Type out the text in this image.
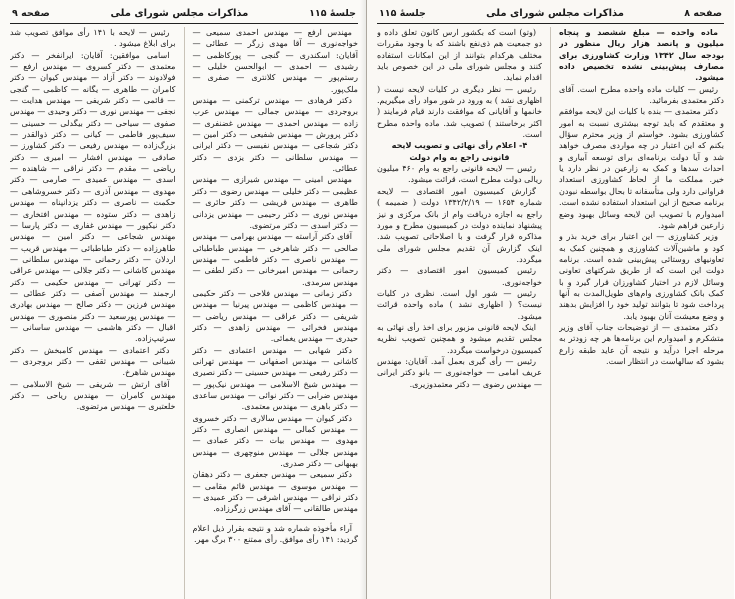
جلسهٔ ۱۱۵
مذاکرات مجلس شورای ملی
صفحه ۹

مهندس ارفع — مهندس احمدی سمیعی — خواجه‌نوری — آقا مهدی زرگر — عطائی — آقایان: اسکندری — گنجی — پورکاظمی — رشیدی — احمدی — ابوالحسن خلیلی — رستم‌پور — مهندس کلانتری — صفری — ملک‌پور.

دکتر فرهادی — مهندس ترکمنی — مهندس بروجردی — مهندس جمالی — مهندس عرب زاده — مهندس احمدی — مهندس غضنفری — دکتر پرورش — مهندس شفیعی — دکتر امین — دکتر شجاعی — مهندس نفیسی — دکتر ایرانی — مهندس سلطانی — دکتر یزدی — دکتر عطائی.

مهندس امینی — مهندس شیرازی — مهندس عظیمی — دکتر خلیلی — مهندس رضوی — دکتر طاهری — مهندس قریشی — دکتر حائری — مهندس نوری — دکتر رحیمی — مهندس یزدانی — دکتر اسدی — دکتر مرتضوی.

آقای دکتر آراسته — مهندس بهرامی — مهندس صالحی — دکتر شاهرخی — مهندس طباطبائی — مهندس ناصری — دکتر فاطمی — مهندس رحمانی — مهندس امیرخانی — دکتر لطفی — مهندس سرمدی.

دکتر زمانی — مهندس فلاحی — دکتر حکیمی — مهندس کاظمی — مهندس پیرنیا — مهندس شریفی — دکتر عراقی — مهندس ریاضی — مهندس فخرائی — مهندس زاهدی — دکتر حیدری — مهندس یغمائی.

دکتر شهابی — مهندس اعتمادی — دکتر کاشانی — مهندس اصفهانی — مهندس تهرانی — دکتر رفیعی — مهندس حسینی — دکتر نصیری — مهندس شیخ الاسلامی — مهندس نیک‌پور — مهندس ضرابی — دکتر نوائی — مهندس ساعدی — دکتر باهری — مهندس معتمدی.

دکتر کیوان — مهندس سالاری — دکتر خسروی — مهندس کمالی — مهندس انصاری — دکتر مهدوی — مهندس بیات — دکتر عمادی — مهندس جلالی — مهندس منوچهری — مهندس بهبهانی — دکتر صدری.

دکتر سمیعی — مهندس جعفری — دکتر دهقان — مهندس موسوی — مهندس قائم مقامی — دکتر نراقی — مهندس اشرفی — دکتر عمیدی — مهندس طالقانی — آقای مهندس زرگرزاده.

آراء مأخوذه شماره شد و نتیجه بقرار ذیل اعلام گردید: ۱۴۱ رأی موافق. رأی ممتنع ۳۰۰ برگ مهر.

رئیس — لایحه با ۱۴۱ رأی موافق تصویب شد برای ابلاغ میشود .

اسامی موافقین: آقایان: ایرانفخر — دکتر معتمدی — دکتر کسروی — مهندس ارفع — فولادوند — دکتر آزاد — مهندس کیوان — دکتر کامران — طاهری — یگانه — کاظمی — گنجی — قائمی — دکتر شریفی — مهندس هدایت — نجفی — مهندس نوری — دکتر وحیدی — مهندس صفوی — سیاحی — دکتر بیگدلی — حسینی — سیف‌پور فاطمی — کیانی — دکتر ذوالقدر — بزرگ‌زاده — مهندس رفیعی — دکتر کشاورز — صادقی — مهندس افشار — امیری — دکتر ریاضی — مقدم — دکتر نراقی — شاهنده — اسدی — مهندس عمیدی — صارمی — دکتر مهدوی — مهندس آذری — دکتر خسروشاهی — حکمت — ناصری — دکتر یزدانپناه — مهندس زاهدی — دکتر ستوده — مهندس افتخاری — دکتر نیکپور — مهندس غفاری — دکتر پارسا — مهندس شجاعی — دکتر امین — مهندس طاهرزاده — دکتر طباطبائی — مهندس قریب — اردلان — دکتر رحمانی — مهندس سلطانی — مهندس کاشانی — دکتر جلالی — مهندس عراقی — دکتر تهرانی — مهندس حکیمی — دکتر ارجمند — مهندس آصفی — دکتر عطائی — مهندس فرزین — دکتر صالح — مهندس بهادری — مهندس پورسعید — دکتر منصوری — مهندس اقبال — دکتر هاشمی — مهندس ساسانی — سرتیپ‌زاده.

دکتر اعتمادی — مهندس کامبخش — دکتر شیبانی — مهندس ثقفی — دکتر بروجردی — مهندس شاهرخ.

آقای ارتش — شریفی — شیخ الاسلامی — مهندس کامران — مهندس ریاحی — دکتر خلعتبری — مهندس مرتضوی.

صفحه ۸
مذاکرات مجلس شورای ملی
جلسهٔ ۱۱۵

ماده واحده — مبلغ ششصد و پنجاه میلیون و پانصد هزار ریال منظور در بودجه سال ۱۳۴۲ وزارت کشاورزی برای مصارف پیش‌بینی نشده تخصیص داده میشود.

رئیس — کلیات ماده واحده مطرح است. آقای دکتر معتمدی بفرمائید.

دکتر معتمدی — بنده با کلیات این لایحه موافقم و معتقدم که باید توجه بیشتری نسبت به امور کشاورزی بشود. خواستم از وزیر محترم سؤال بکنم که این اعتبار در چه مواردی مصرف خواهد شد و آیا دولت برنامه‌ای برای توسعه آبیاری و احداث سدها و کمک به زارعین در نظر دارد یا خیر. مملکت ما از لحاظ کشاورزی استعداد فراوانی دارد ولی متأسفانه تا بحال بواسطه نبودن برنامه صحیح از این استعداد استفاده نشده است. امیدوارم با تصویب این لایحه وسائل بهبود وضع زارعین فراهم شود.

وزیر کشاورزی — این اعتبار برای خرید بذر و کود و ماشین‌آلات کشاورزی و همچنین کمک به تعاونیهای روستائی پیش‌بینی شده است. برنامه دولت این است که از طریق شرکتهای تعاونی وسائل لازم در اختیار کشاورزان قرار گیرد و با کمک بانک کشاورزی وام‌های طویل‌المدت به آنها پرداخت شود تا بتوانند تولید خود را افزایش بدهند و وضع معیشت آنان بهبود یابد.

دکتر معتمدی — از توضیحات جناب آقای وزیر متشکرم و امیدوارم این برنامه‌ها هر چه زودتر به مرحله اجرا درآید و نتیجه آن عاید طبقه زارع بشود که سالهاست در انتظار است.

(وتو) است که بکشور ارس کانون تعلق داده و دو جمعیت هم ذی‌نفع باشند که با وجود مقررات مختلف هرکدام بتوانند از این امکانات استفاده کنند و مجلس شورای ملی در این خصوص باید اقدام نماید.

رئیس — نظر دیگری در کلیات لایحه نیست ( اظهاری نشد ) به ورود در شور مواد رأی میگیریم. خانمها و آقایانی که موافقت دارند قیام فرمایند ( اکثر برخاستند ) تصویب شد. ماده واحده مطرح است.

۴- اعلام رأی نهائی و تصویب لایحه قانونی راجع به وام دولت

رئیس — لایحه قانونی راجع به وام ۴۶۰ میلیون ریالی دولت مطرح است، قرائت میشود.

گزارش کمیسیون امور اقتصادی — لایحه شماره ۱۶۵۴ — ۱۳۴۲/۲/۱۹ دولت ( ضمیمه ) راجع به اجازه دریافت وام از بانک مرکزی و نیز پیشنهاد نماینده دولت در کمیسیون مطرح و مورد مذاکره قرار گرفت و با اصلاحاتی تصویب شد. اینک گزارش آن تقدیم مجلس شورای ملی میگردد.

رئیس کمیسیون امور اقتصادی — دکتر خواجه‌نوری.

رئیس — شور اول است. نظری در کلیات نیست؟ ( اظهاری نشد ) ماده واحده قرائت میشود.

اینک لایحه قانونی مزبور برای اخذ رأی نهائی به مجلس تقدیم میشود و همچنین تصویب نظریه کمیسیون درخواست میگردد.

رئیس — رأی گیری بعمل آمد. آقایان: مهندس عریف امامی — خواجه‌نوری — بانو دکتر ایرانی — مهندس رضوی — دکتر معتمدوزیری.
